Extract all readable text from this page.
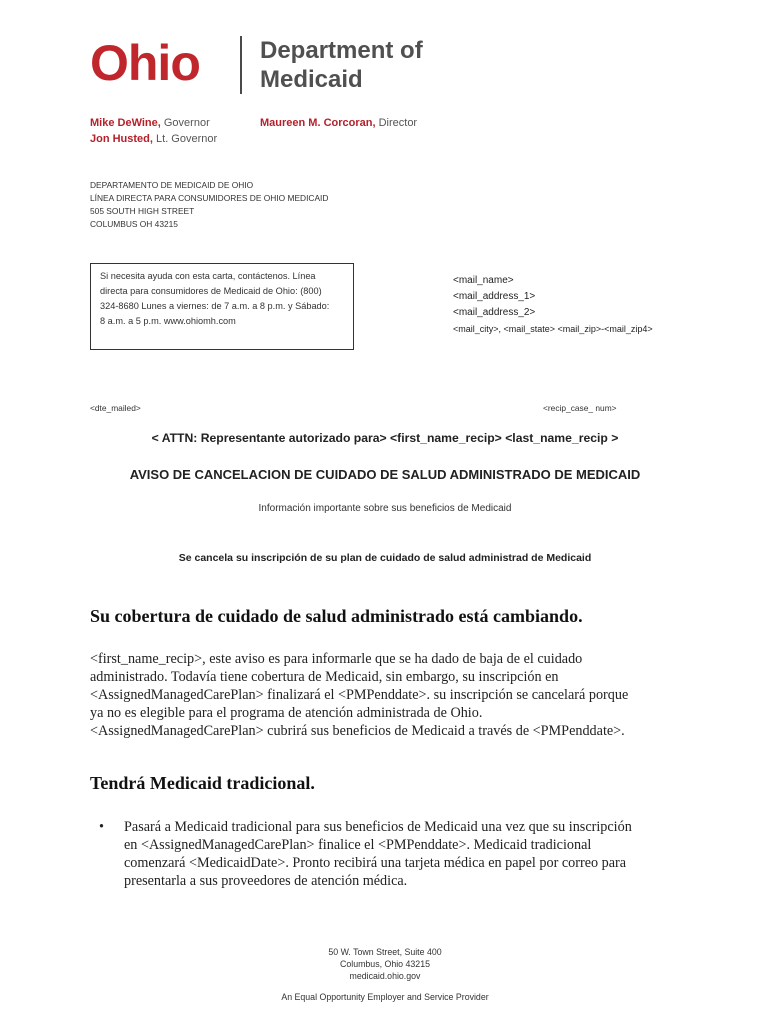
Ohio	Department of
Medicaid
Mike DeWine, Governor
Jon Husted, Lt. Governor
Maureen M. Corcoran, Director
DEPARTAMENTO DE MEDICAID DE OHIO
LÍNEA DIRECTA PARA CONSUMIDORES DE OHIO MEDICAID
505 SOUTH HIGH STREET
COLUMBUS OH 43215
Si necesita ayuda con esta carta, contáctenos. Línea
directa para consumidores de Medicaid de Ohio: (800)
324-8680 Lunes a viernes: de 7 a.m. a 8 p.m. y Sábado:
8 a.m. a 5 p.m. www.ohiomh.com
<mail_name>
<mail_address_1>
<mail_address_2>
<mail_city>, <mail_state> <mail_zip>-<mail_zip4>
<dte_mailed>	<recip_case_ num>
< ATTN: Representante autorizado para> <first_name_recip> <last_name_recip >
AVISO DE CANCELACION DE CUIDADO DE SALUD ADMINISTRADO DE MEDICAID
Información importante sobre sus beneficios de Medicaid
Se cancela su inscripción de su plan de cuidado de salud administrad de Medicaid
Su cobertura de cuidado de salud administrado está cambiando.
<first_name_recip>, este aviso es para informarle que se ha dado de baja de el cuidado
administrado. Todavía tiene cobertura de Medicaid, sin embargo, su inscripción en
<AssignedManagedCarePlan> finalizará el <PMPenddate>. su inscripción se cancelará porque
ya no es elegible para el programa de atención administrada de Ohio.
<AssignedManagedCarePlan> cubrirá sus beneficios de Medicaid a través de <PMPenddate>.
Tendrá Medicaid tradicional.
• Pasará a Medicaid tradicional para sus beneficios de Medicaid una vez que su inscripción
en <AssignedManagedCarePlan> finalice el <PMPenddate>. Medicaid tradicional
comenzará <MedicaidDate>. Pronto recibirá una tarjeta médica en papel por correo para
presentarla a sus proveedores de atención médica.
50 W. Town Street, Suite 400
Columbus, Ohio 43215
medicaid.ohio.gov
An Equal Opportunity Employer and Service Provider
